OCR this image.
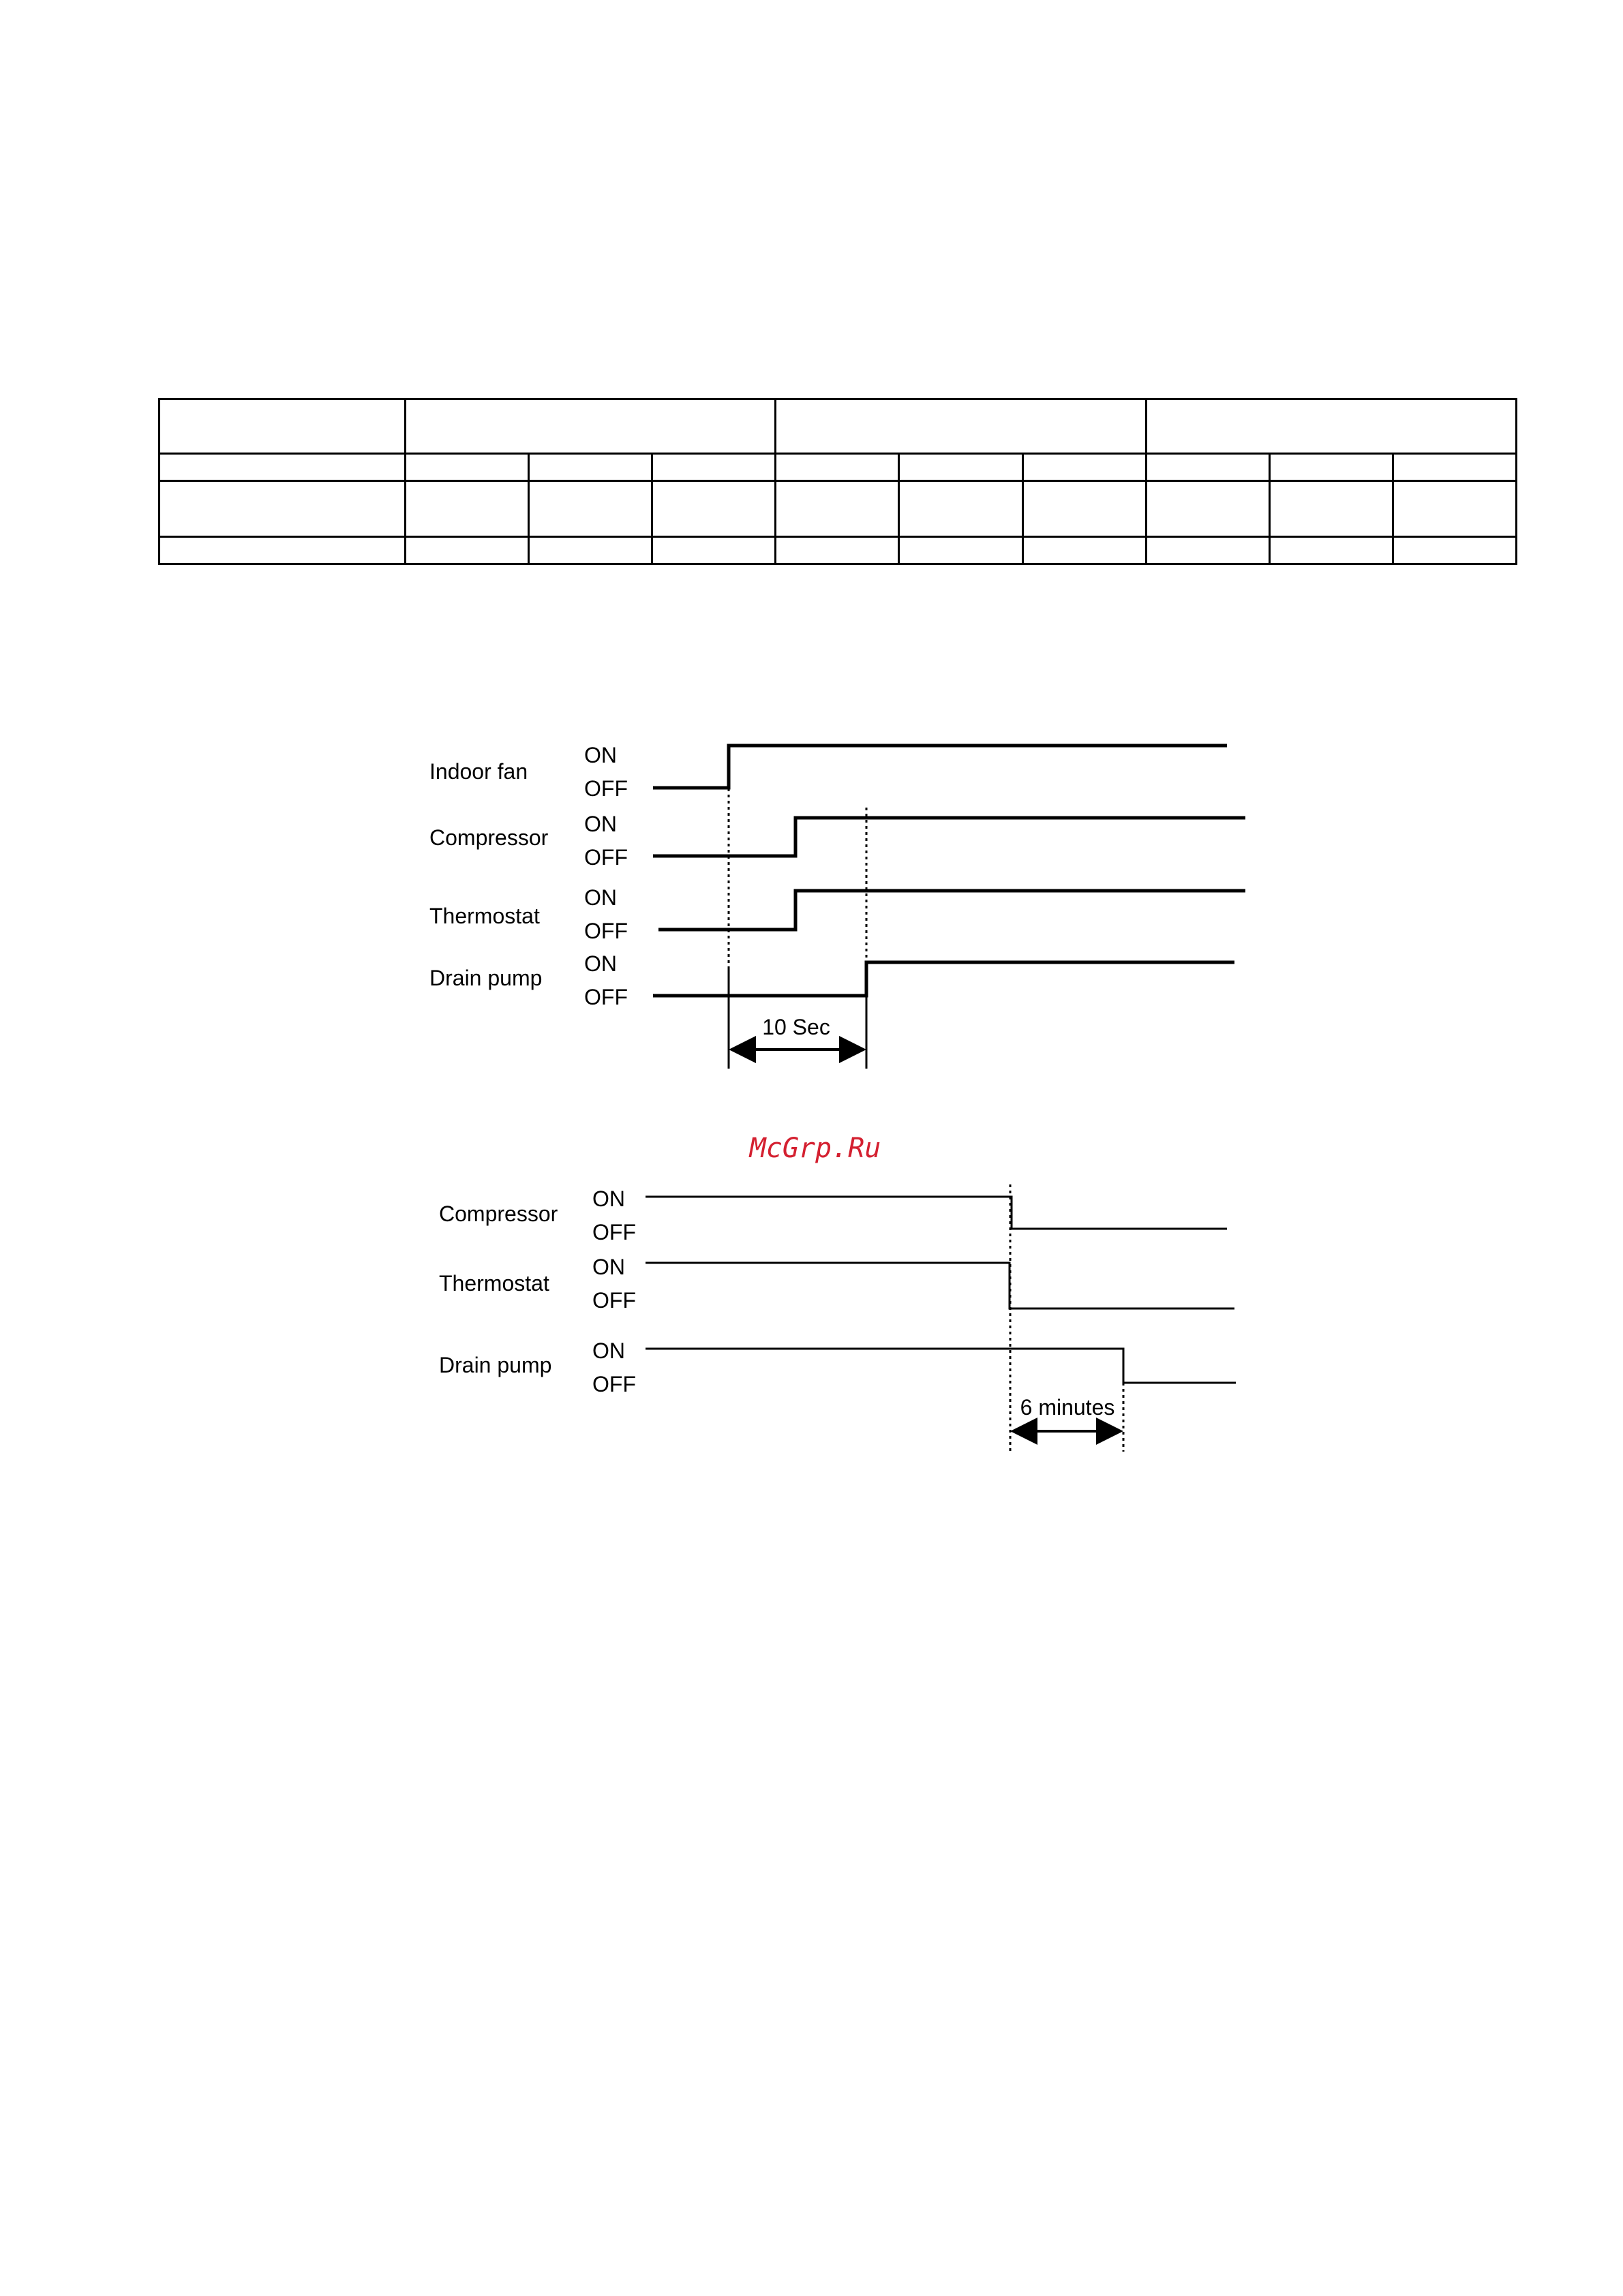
Indoor fan
ON
OFF
Compressor
ON
OFF
Thermostat
ON
OFF
Drain pump
ON
OFF
10 Sec
McGrp.Ru
Compressor
ON
OFF
Thermostat
ON
OFF
Drain pump
ON
OFF
6 minutes
